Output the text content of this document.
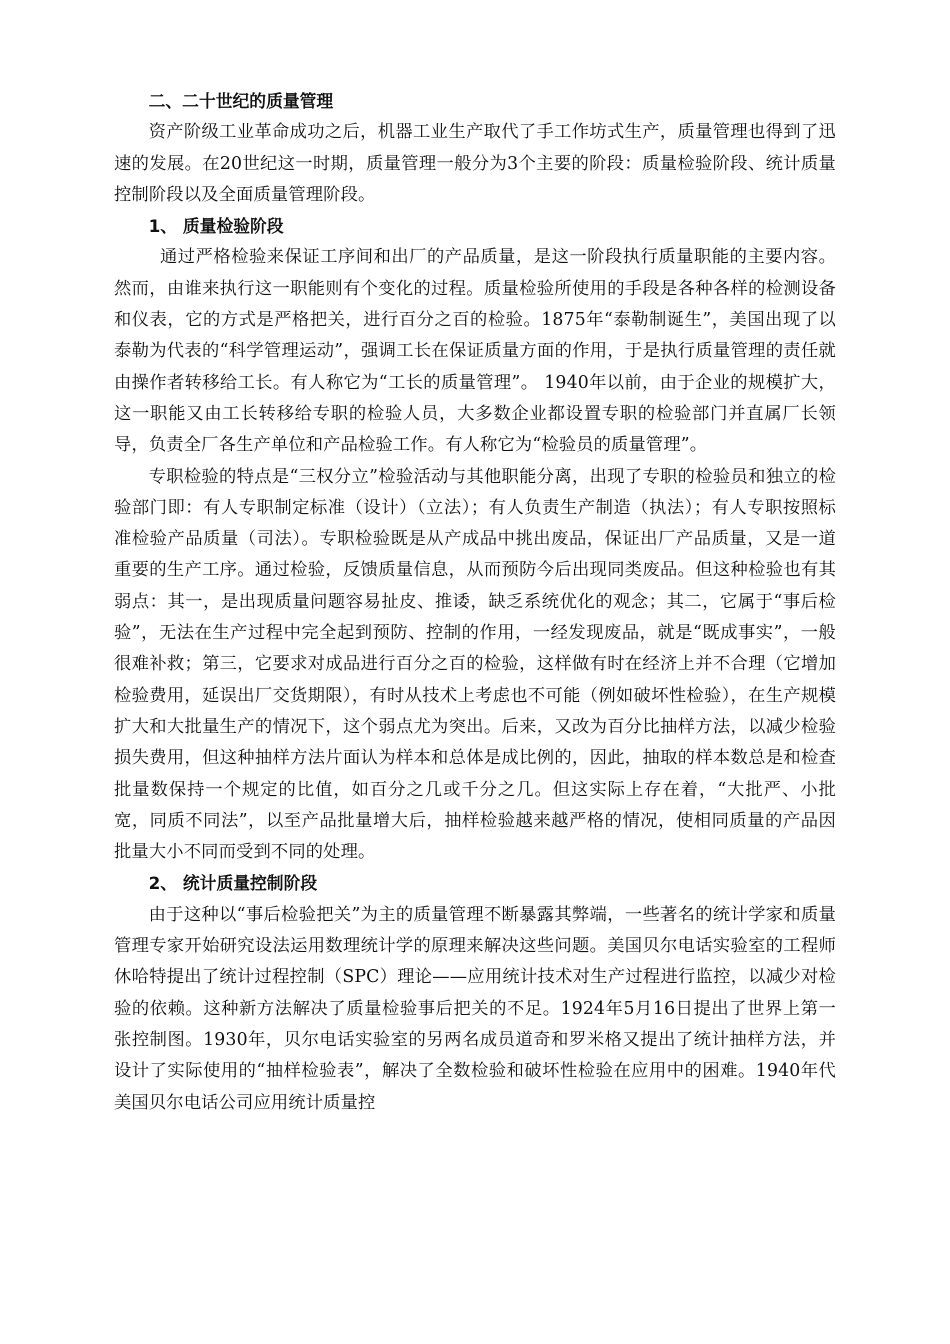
二、二十世纪的质量管理

资产阶级工业革命成功之后，机器工业生产取代了手工作坊式生产，质量管理也得到了迅速的发展。在20世纪这一时期，质量管理一般分为3个主要的阶段：质量检验阶段、统计质量控制阶段以及全面质量管理阶段。

1、 质量检验阶段

通过严格检验来保证工序间和出厂的产品质量，是这一阶段执行质量职能的主要内容。然而，由谁来执行这一职能则有个变化的过程。质量检验所使用的手段是各种各样的检测设备和仪表，它的方式是严格把关，进行百分之百的检验。1875年“泰勒制诞生”，美国出现了以泰勒为代表的“科学管理运动”，强调工长在保证质量方面的作用，于是执行质量管理的责任就由操作者转移给工长。有人称它为“工长的质量管理”。 1940年以前，由于企业的规模扩大，这一职能又由工长转移给专职的检验人员，大多数企业都设置专职的检验部门并直属厂长领导，负责全厂各生产单位和产品检验工作。有人称它为“检验员的质量管理”。

专职检验的特点是“三权分立”检验活动与其他职能分离，出现了专职的检验员和独立的检验部门即：有人专职制定标准（设计）（立法）；有人负责生产制造（执法）；有人专职按照标准检验产品质量（司法）。专职检验既是从产成品中挑出废品，保证出厂产品质量，又是一道重要的生产工序。通过检验，反馈质量信息，从而预防今后出现同类废品。但这种检验也有其弱点：其一，是出现质量问题容易扯皮、推诿，缺乏系统优化的观念；其二，它属于“事后检验”，无法在生产过程中完全起到预防、控制的作用，一经发现废品，就是“既成事实”，一般很难补救；第三，它要求对成品进行百分之百的检验，这样做有时在经济上并不合理（它增加检验费用，延误出厂交货期限），有时从技术上考虑也不可能（例如破坏性检验），在生产规模扩大和大批量生产的情况下，这个弱点尤为突出。后来，又改为百分比抽样方法，以减少检验损失费用，但这种抽样方法片面认为样本和总体是成比例的，因此，抽取的样本数总是和检查批量数保持一个规定的比值，如百分之几或千分之几。但这实际上存在着，“大批严、小批宽，同质不同法”，以至产品批量增大后，抽样检验越来越严格的情况，使相同质量的产品因批量大小不同而受到不同的处理。

2、 统计质量控制阶段

由于这种以“事后检验把关”为主的质量管理不断暴露其弊端，一些著名的统计学家和质量管理专家开始研究设法运用数理统计学的原理来解决这些问题。美国贝尔电话实验室的工程师休哈特提出了统计过程控制（SPC）理论——应用统计技术对生产过程进行监控，以减少对检验的依赖。这种新方法解决了质量检验事后把关的不足。1924年5月16日提出了世界上第一张控制图。1930年，贝尔电话实验室的另两名成员道奇和罗米格又提出了统计抽样方法，并设计了实际使用的“抽样检验表”，解决了全数检验和破坏性检验在应用中的困难。1940年代 美国贝尔电话公司应用统计质量控
